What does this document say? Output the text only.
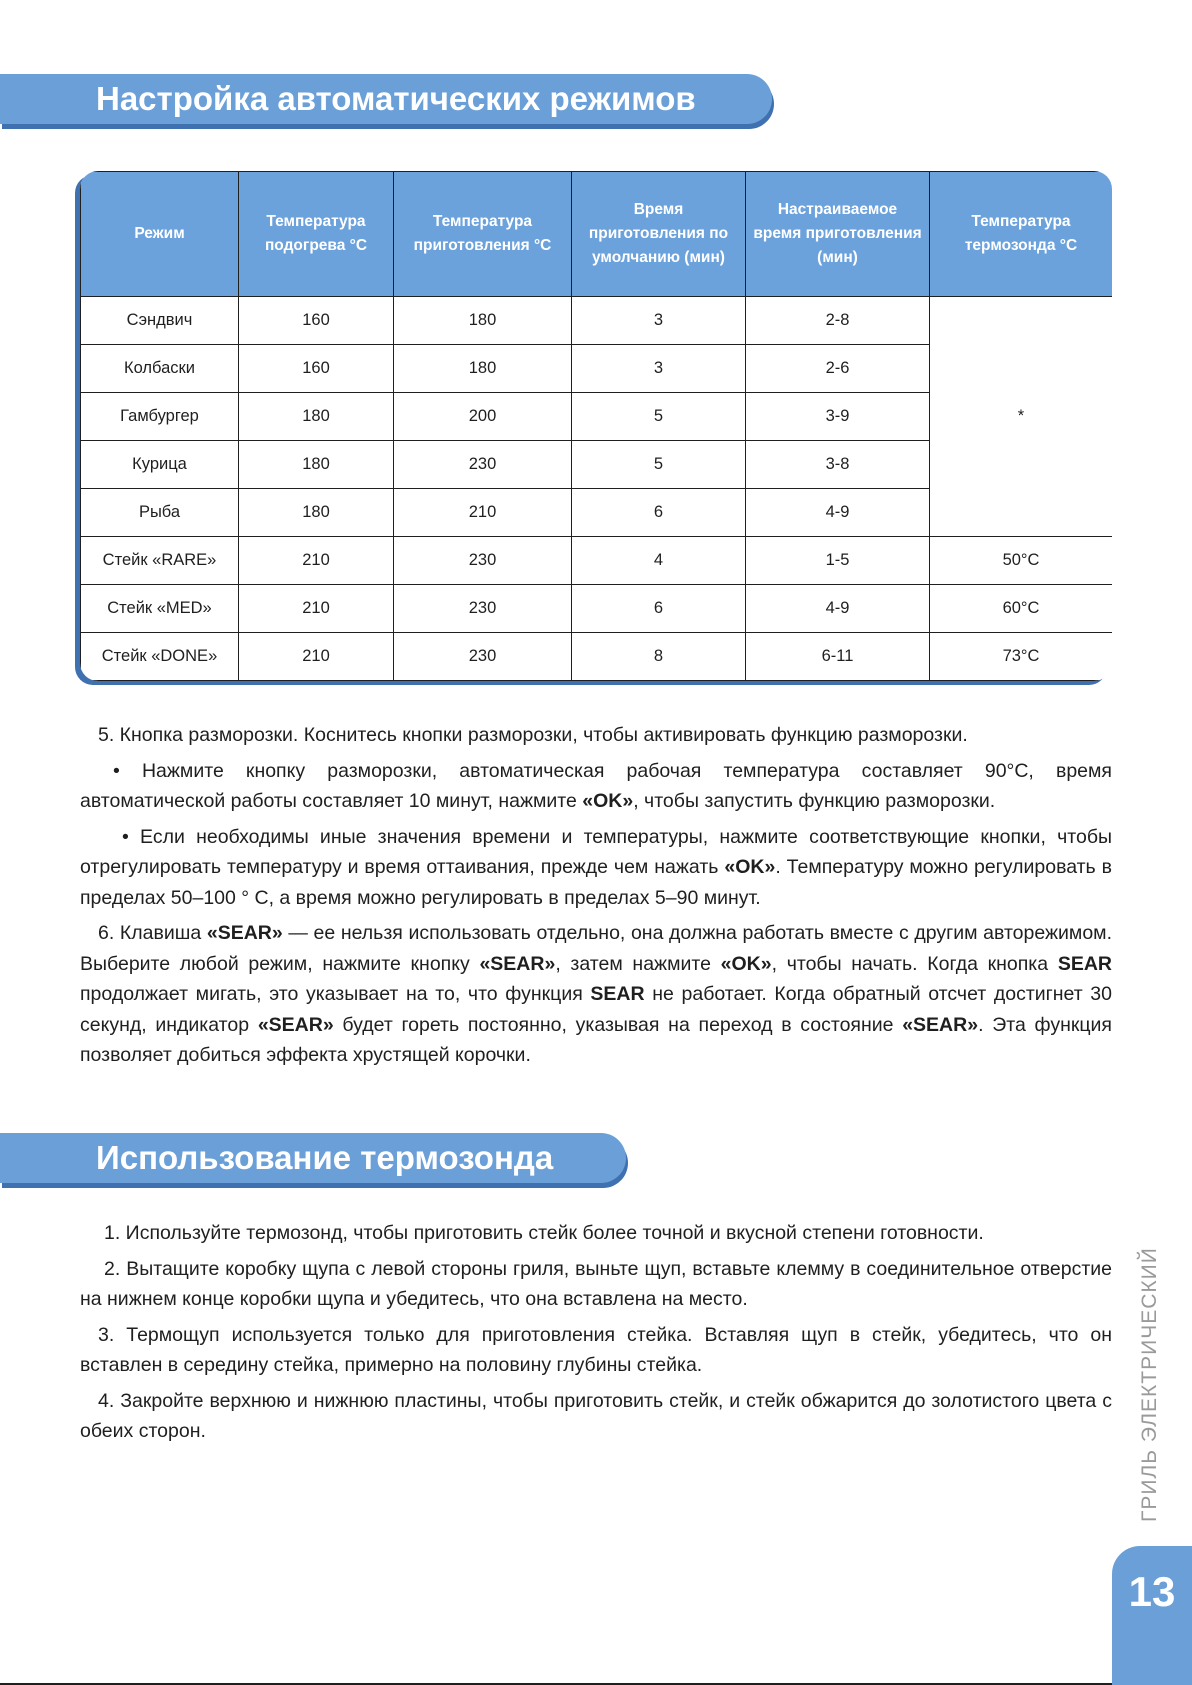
Настройка автоматических режимов
Режим	Температура подогрева °C	Температура приготовления °C	Время приготовления по умолчанию (мин)	Настраиваемое время приготовления (мин)	Температура термозонда °C
Сэндвич	160	180	3	2-8	*
Колбаски	160	180	3	2-6	
Гамбургер	180	200	5	3-9	
Курица	180	230	5	3-8	
Рыба	180	210	6	4-9	
Стейк «RARE»	210	230	4	1-5	50°C
Стейк «MED»	210	230	6	4-9	60°C
Стейк «DONE»	210	230	8	6-11	73°C

5. Кнопка разморозки. Коснитесь кнопки разморозки, чтобы активировать функцию разморозки.

• Нажмите кнопку разморозки, автоматическая рабочая температура составляет 90°C, время автоматической работы составляет 10 минут, нажмите «OK», чтобы запустить функцию разморозки.

• Если необходимы иные значения времени и температуры, нажмите соответствующие кнопки, чтобы отрегулировать температуру и время оттаивания, прежде чем нажать «OK». Температуру можно регулировать в пределах 50–100 ° С, а время можно регулировать в пределах 5–90 минут.

6. Клавиша «SEAR» — ее нельзя использовать отдельно, она должна работать вместе с другим авторежимом. Выберите любой режим, нажмите кнопку «SEAR», затем нажмите «OK», чтобы начать. Когда кнопка SEAR продолжает мигать, это указывает на то, что функция SEAR не работает. Когда обратный отсчет достигнет 30 секунд, индикатор «SEAR» будет гореть постоянно, указывая на переход в состояние «SEAR». Эта функция позволяет добиться эффекта хрустящей корочки.

Использование термозонда

1. Используйте термозонд, чтобы приготовить стейк более точной и вкусной степени готовности.

2. Вытащите коробку щупа с левой стороны гриля, выньте щуп, вставьте клемму в соединительное отверстие на нижнем конце коробки щупа и убедитесь, что она вставлена на место.

3. Термощуп используется только для приготовления стейка. Вставляя щуп в стейк, убедитесь, что он вставлен в середину стейка, примерно на половину глубины стейка.

4. Закройте верхнюю и нижнюю пластины, чтобы приготовить стейк, и стейк обжарится до золотистого цвета с обеих сторон.	ГРИЛЬ ЭЛЕКТРИЧЕСКИЙ
13
